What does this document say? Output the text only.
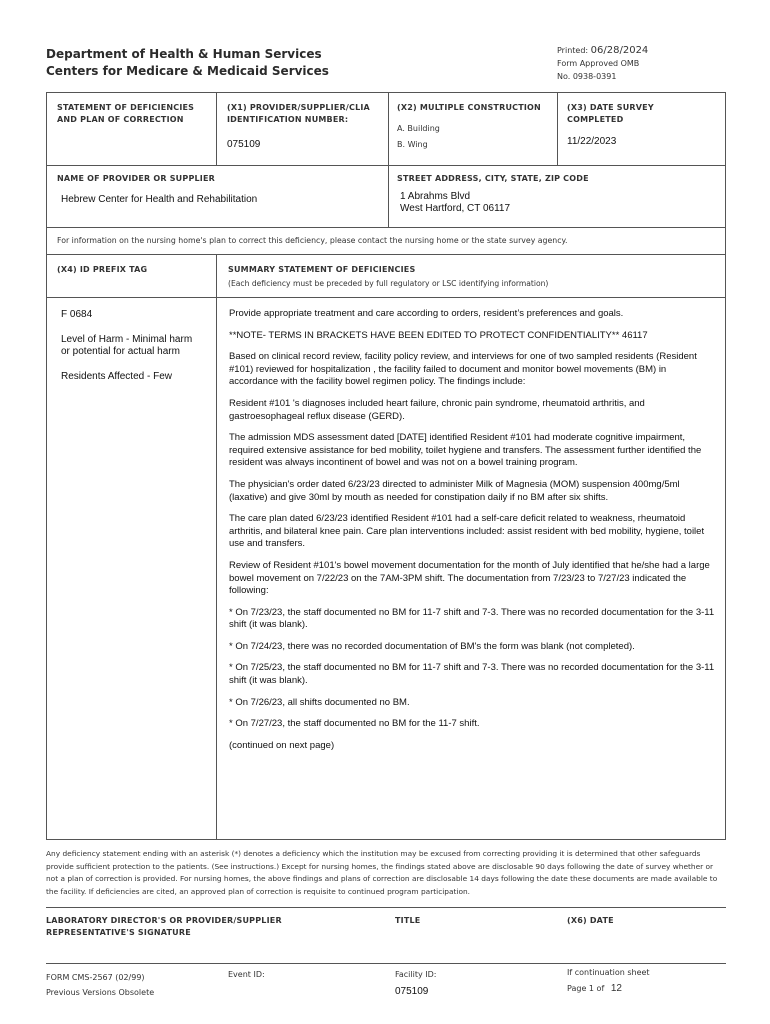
Department of Health & Human Services
Centers for Medicare & Medicaid Services
Printed: 06/28/2024
Form Approved OMB
No. 0938-0391
STATEMENT OF DEFICIENCIES
AND PLAN OF CORRECTION
(X1) PROVIDER/SUPPLIER/CLIA
IDENTIFICATION NUMBER:
075109
(X2) MULTIPLE CONSTRUCTION
A. Building
B. Wing
(X3) DATE SURVEY
COMPLETED
11/22/2023
NAME OF PROVIDER OR SUPPLIER
Hebrew Center for Health and Rehabilitation
STREET ADDRESS, CITY, STATE, ZIP CODE
1 Abrahms Blvd
West Hartford, CT 06117
For information on the nursing home's plan to correct this deficiency, please contact the nursing home or the state survey agency.
(X4) ID PREFIX TAG	SUMMARY STATEMENT OF DEFICIENCIES
(Each deficiency must be preceded by full regulatory or LSC identifying information)
F 0684
Level of Harm - Minimal harm
or potential for actual harm
Residents Affected - Few

Provide appropriate treatment and care according to orders, resident’s preferences and goals.

**NOTE- TERMS IN BRACKETS HAVE BEEN EDITED TO PROTECT CONFIDENTIALITY** 46117

Based on clinical record review, facility policy review, and interviews for one of two sampled residents (Resident #101) reviewed for hospitalization , the facility failed to document and monitor bowel movements (BM) in accordance with the facility bowel regimen policy. The findings include:

Resident #101 's diagnoses included heart failure, chronic pain syndrome, rheumatoid arthritis, and gastroesophageal reflux disease (GERD).

The admission MDS assessment dated [DATE] identified Resident #101 had moderate cognitive impairment, required extensive assistance for bed mobility, toilet hygiene and transfers. The assessment further identified the resident was always incontinent of bowel and was not on a bowel training program.

The physician's order dated 6/23/23 directed to administer Milk of Magnesia (MOM) suspension 400mg/5ml (laxative) and give 30ml by mouth as needed for constipation daily if no BM after six shifts.

The care plan dated 6/23/23 identified Resident #101 had a self-care deficit related to weakness, rheumatoid arthritis, and bilateral knee pain. Care plan interventions included: assist resident with bed mobility, hygiene, toilet use and transfers.

Review of Resident #101's bowel movement documentation for the month of July identified that he/she had a large bowel movement on 7/22/23 on the 7AM-3PM shift. The documentation from 7/23/23 to 7/27/23 indicated the following:

* On 7/23/23, the staff documented no BM for 11-7 shift and 7-3. There was no recorded documentation for the 3-11 shift (it was blank).

* On 7/24/23, there was no recorded documentation of BM's the form was blank (not completed).

* On 7/25/23, the staff documented no BM for 11-7 shift and 7-3. There was no recorded documentation for the 3-11 shift (it was blank).

* On 7/26/23, all shifts documented no BM.

* On 7/27/23, the staff documented no BM for the 11-7 shift.

(continued on next page)

Any deficiency statement ending with an asterisk (*) denotes a deficiency which the institution may be excused from correcting providing it is determined that other safeguards provide sufficient protection to the patients. (See instructions.) Except for nursing homes, the findings stated above are disclosable 90 days following the date of survey whether or not a plan of correction is provided. For nursing homes, the above findings and plans of correction are disclosable 14 days following the date these documents are made available to the facility. If deficiencies are cited, an approved plan of correction is requisite to continued program participation.
LABORATORY DIRECTOR'S OR PROVIDER/SUPPLIER
REPRESENTATIVE'S SIGNATURE
TITLE	(X6) DATE
FORM CMS-2567 (02/99)
Previous Versions Obsolete
Event ID:	Facility ID:
075109
If continuation sheet
Page 1 of 12
